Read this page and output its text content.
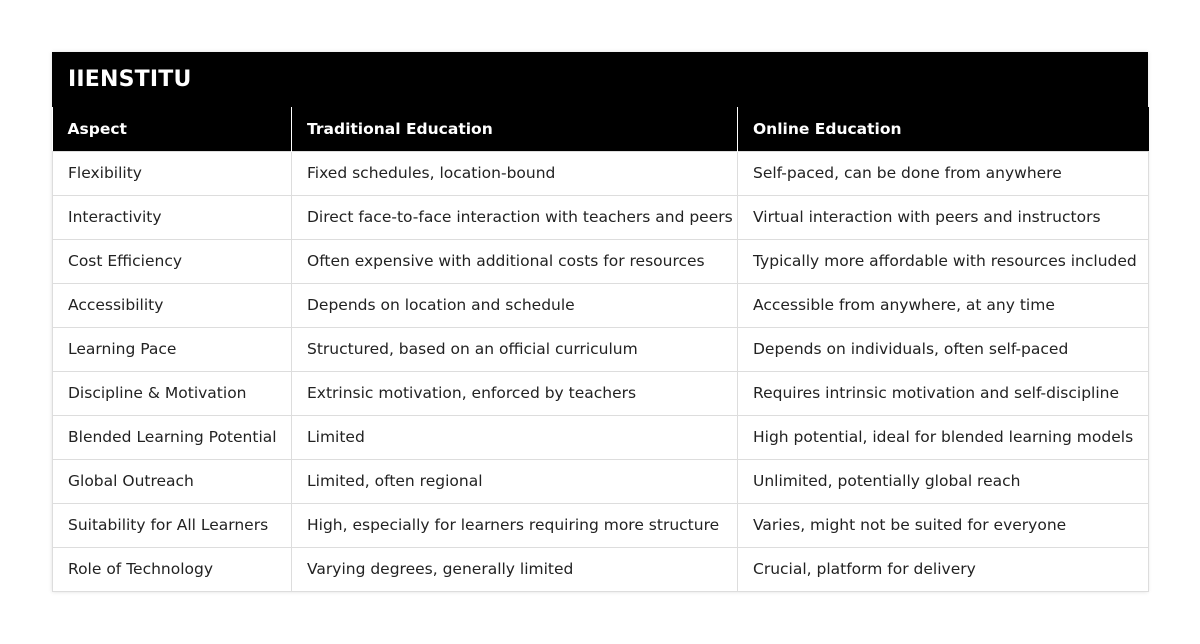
IIENSTITU
Aspect	Traditional Education	Online Education
Flexibility	Fixed schedules, location-bound	Self-paced, can be done from anywhere
Interactivity	Direct face-to-face interaction with teachers and peers	Virtual interaction with peers and instructors
Cost Efficiency	Often expensive with additional costs for resources	Typically more affordable with resources included
Accessibility	Depends on location and schedule	Accessible from anywhere, at any time
Learning Pace	Structured, based on an official curriculum	Depends on individuals, often self-paced
Discipline & Motivation	Extrinsic motivation, enforced by teachers	Requires intrinsic motivation and self-discipline
Blended Learning Potential	Limited	High potential, ideal for blended learning models
Global Outreach	Limited, often regional	Unlimited, potentially global reach
Suitability for All Learners	High, especially for learners requiring more structure	Varies, might not be suited for everyone
Role of Technology	Varying degrees, generally limited	Crucial, platform for delivery
